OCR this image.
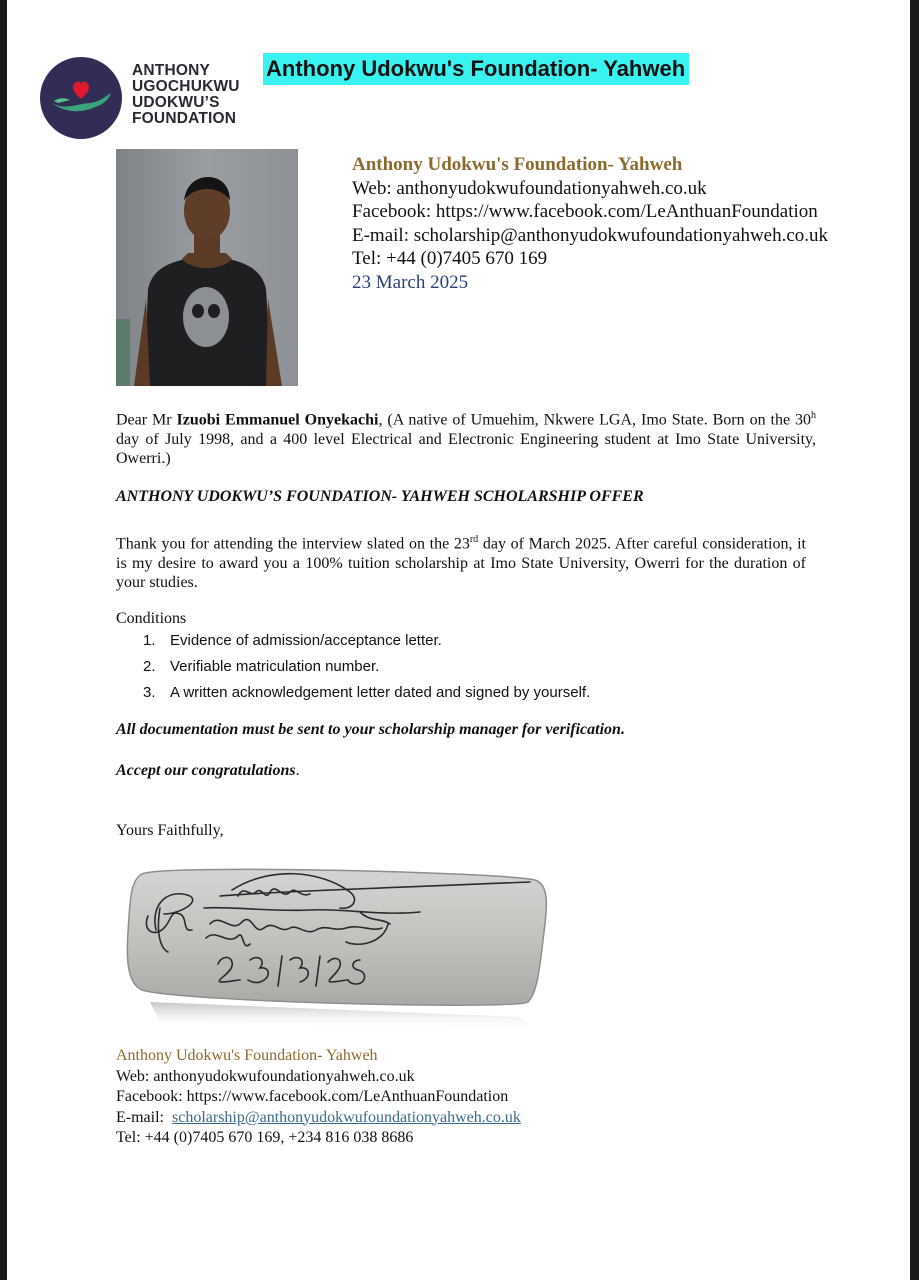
ANTHONY
UGOCHUKWU
UDOKWU’S
FOUNDATION
Anthony Udokwu's Foundation- Yahweh
Anthony Udokwu's Foundation- Yahweh
Web: anthonyudokwufoundationyahweh.co.uk
Facebook: https://www.facebook.com/LeAnthuanFoundation
E-mail: scholarship@anthonyudokwufoundationyahweh.co.uk
Tel: +44 (0)7405 670 169
23 March 2025
Dear Mr Izuobi Emmanuel Onyekachi, (A native of Umuehim, Nkwere LGA, Imo State. Born on the 30$^h$ day of July 1998, and a 400 level Electrical and Electronic Engineering student at Imo State University, Owerri.)
ANTHONY UDOKWU’S FOUNDATION- YAHWEH SCHOLARSHIP OFFER
Thank you for attending the interview slated on the 23rd day of March 2025. After careful consideration, it is my desire to award you a 100% tuition scholarship at Imo State University, Owerri for the duration of your studies.
Conditions
1. Evidence of admission/acceptance letter.
2. Verifiable matriculation number.
3. A written acknowledgement letter dated and signed by yourself.
All documentation must be sent to your scholarship manager for verification.
Accept our congratulations.
Yours Faithfully,
Anthony Udokwu's Foundation- Yahweh
Web: anthonyudokwufoundationyahweh.co.uk
Facebook: https://www.facebook.com/LeAnthuanFoundation
E-mail: scholarship@anthonyudokwufoundationyahweh.co.uk
Tel: +44 (0)7405 670 169, +234 816 038 8686
